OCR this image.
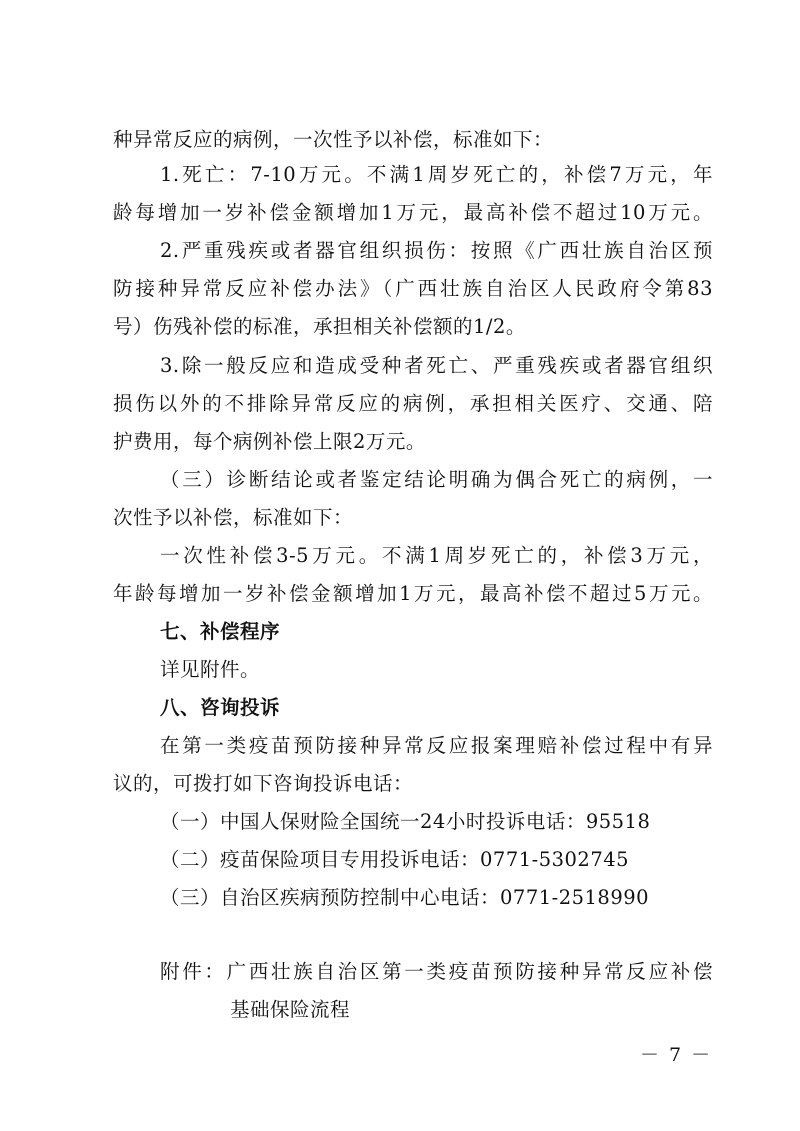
种异常反应的病例，一次性予以补偿，标准如下：
1.死亡：7-10万元。不满1周岁死亡的，补偿7万元，年
龄每增加一岁补偿金额增加1万元，最高补偿不超过10万元。
2.严重残疾或者器官组织损伤：按照《广西壮族自治区预
防接种异常反应补偿办法》（广西壮族自治区人民政府令第83
号）伤残补偿的标准，承担相关补偿额的1/2。
3.除一般反应和造成受种者死亡、严重残疾或者器官组织
损伤以外的不排除异常反应的病例，承担相关医疗、交通、陪
护费用，每个病例补偿上限2万元。
（三）诊断结论或者鉴定结论明确为偶合死亡的病例，一
次性予以补偿，标准如下：
一次性补偿3-5万元。不满1周岁死亡的，补偿3万元，
年龄每增加一岁补偿金额增加1万元，最高补偿不超过5万元。
七、补偿程序
详见附件。
八、咨询投诉
在第一类疫苗预防接种异常反应报案理赔补偿过程中有异
议的，可拨打如下咨询投诉电话：
（一）中国人保财险全国统一24小时投诉电话：95518
（二）疫苗保险项目专用投诉电话：0771-5302745
（三）自治区疾病预防控制中心电话：0771-2518990
附件：广西壮族自治区第一类疫苗预防接种异常反应补偿
基础保险流程
－ 7 －
